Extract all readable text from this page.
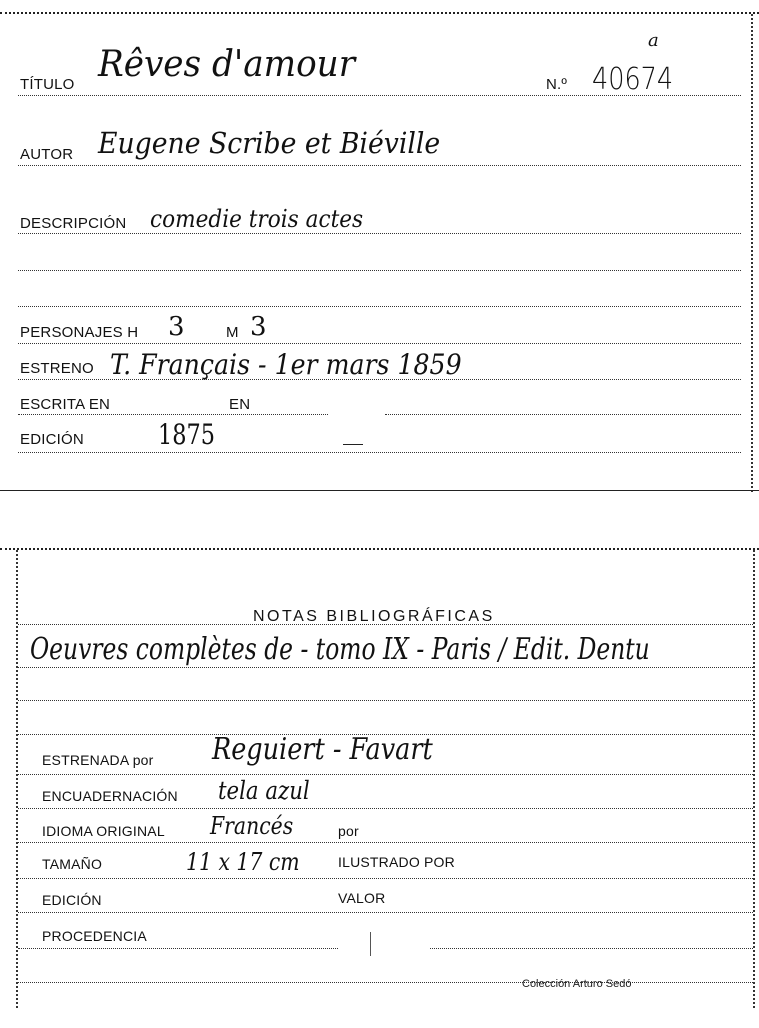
TÍTULO Rêves d'amour	N.º 40674
a
AUTOR Eugene Scribe et Biéville
DESCRIPCIÓN comedie trois actes
PERSONAJES H 3	M 3
ESTRENO T. Français - 1er mars 1859
ESCRITA EN	EN
EDICIÓN	1875
NOTAS BIBLIOGRÁFICAS
Oeuvres complètes de - tomo IX - Paris / Edit. Dentu
ESTRENADA por Reguiert - Favart
ENCUADERNACIÓN tela azul
IDIOMA ORIGINAL Francés	por
TAMAÑO	11 x 17 cm	ILUSTRADO POR
EDICIÓN	VALOR
PROCEDENCIA
Colección Arturo Sedó
